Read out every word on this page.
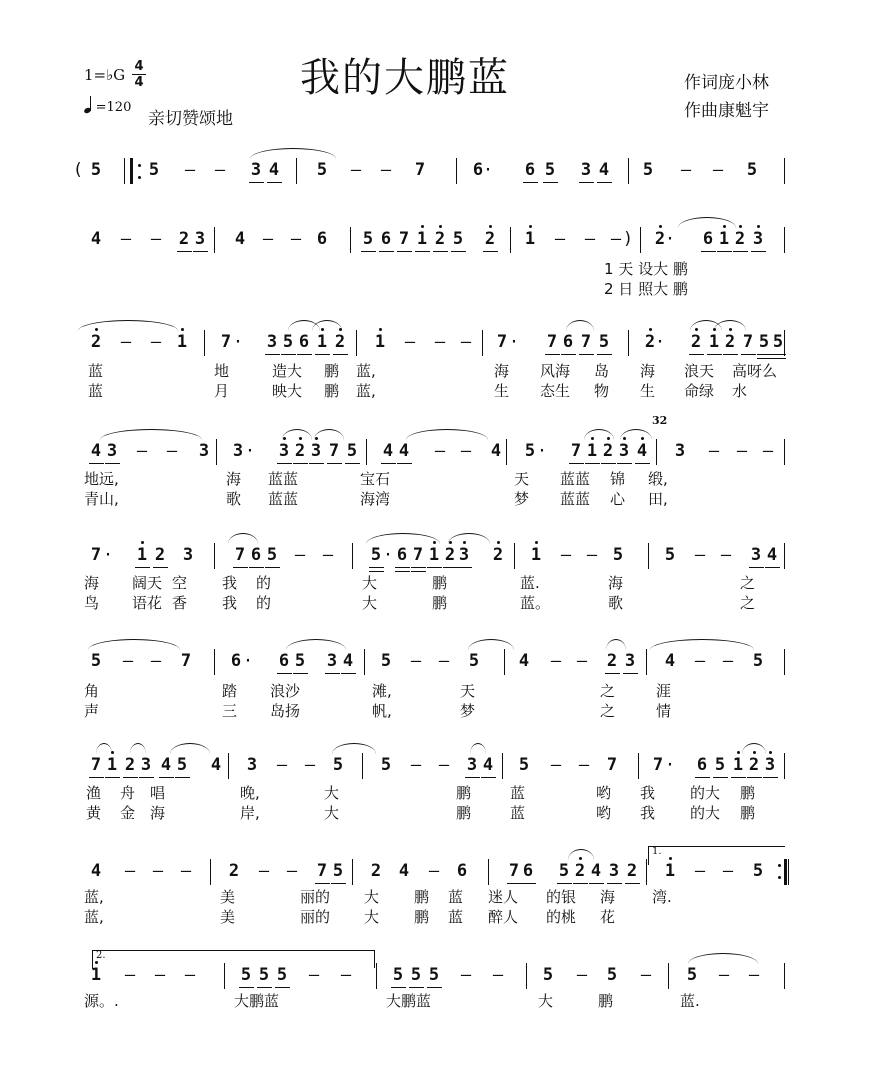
我的大鹏蓝
1=♭G 4
4
=120
亲切赞颂地
作词庞小林
作曲康魁宇
( 5	5 – – 3 4 5 – – 7	6 · 6 5 3 4 5 – – 5
4 – – 2 3 4 – – 6 5 6 7 1 2 5 2 1 – – – 2 · 6 1 2 3
2 – – 1 7 · 3 5 6 1 2 1 – – – 7 · 7 6 7 5 2 · 2 1 2 7 5 5
4 3 – – 3 3 · 3 2 3 7 5 4 4 – – 4 5 · 7 1 2 3 4 3 – – –
7 · 1 2 3 7 6 5 – – 5 · 6 7 1 2 3 2 1 – – 5 5 – – 3 4
5 – – 7 6 · 6 5 3 4 5 – – 5 4 – – 2 3 4 – – 5
7 1 2 3 4 5 4 3 – – 5 5 – – 3 4 5 – – 7 7 · 6 5 1 2 3
4 – – – 2 – – 7 5 2 4 – 6 7 6 5 2 4 3 2 1 – – 5
1 – – –	5 5 5 – – 5 5 5 – – 5 – 5 – 5 – –
)
1.
2.
32
1 天 设大 鹏
2 日 照大 鹏
蓝	地	造大 鹏 蓝,	海 风海 岛 海 浪天 高呀么
蓝	月	映大 鹏 蓝,	生 态生 物 生 命绿 水
地远,	海 蓝蓝	宝石	天 蓝蓝 锦 缎,
青山,	歌 蓝蓝	海湾	梦 蓝蓝 心 田,
海 阔天 空 我 的	大	鹏	蓝.	海	之
鸟 语花 香 我 的	大	鹏	蓝。	歌	之
角	踏 浪沙	滩,	天	之	涯
声	三 岛扬	帆,	梦	之	情
渔 舟 唱	晚,	大	鹏	蓝	哟 我 的大 鹏
黄 金 海	岸,	大	鹏	蓝	哟 我 的大 鹏
蓝,	美	丽的 大 鹏 蓝 迷人 的银 海 湾.
蓝,	美	丽的 大 鹏 蓝 醉人 的桃 花
源。.	大鹏蓝	大鹏蓝	大	鹏	蓝.
